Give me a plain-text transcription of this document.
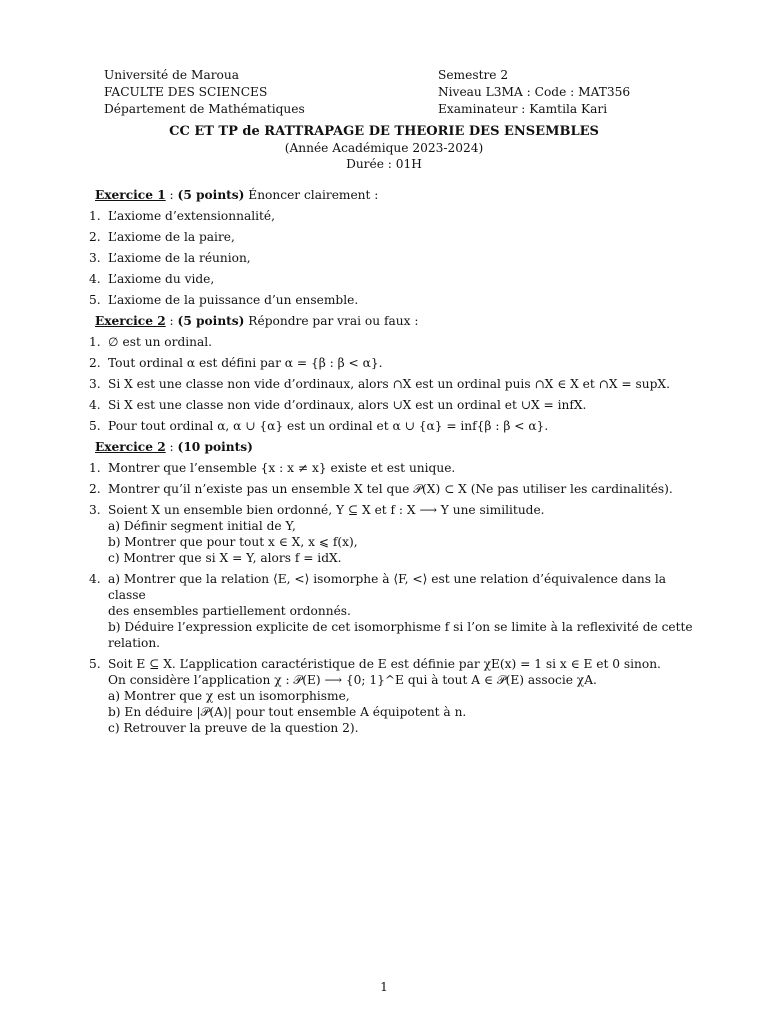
Université de Maroua
FACULTE DES SCIENCES
Département de Mathématiques
Semestre 2
Niveau L3MA : Code : MAT356
Examinateur : Kamtila Kari
CC ET TP de RATTRAPAGE DE THEORIE DES ENSEMBLES
(Année Académique 2023-2024)
Durée : 01H
Exercice 1 : (5 points) Énoncer clairement :
1. L’axiome d’extensionnalité,
2. L’axiome de la paire,
3. L’axiome de la réunion,
4. L’axiome du vide,
5. L’axiome de la puissance d’un ensemble.
Exercice 2 : (5 points) Répondre par vrai ou faux :
1. ∅ est un ordinal.
2. Tout ordinal α est défini par α = {β : β < α}.
3. Si X est une classe non vide d’ordinaux, alors ∩X est un ordinal puis ∩X ∈ X et ∩X = supX.
4. Si X est une classe non vide d’ordinaux, alors ∪X est un ordinal et ∪X = infX.
5. Pour tout ordinal α, α ∪ {α} est un ordinal et α ∪ {α} = inf{β : β < α}.
Exercice 2 : (10 points)
1. Montrer que l’ensemble {x : x ≠ x} existe et est unique.
2. Montrer qu’il n’existe pas un ensemble X tel que 𝒫(X) ⊂ X (Ne pas utiliser les cardinalités).
3. Soient X un ensemble bien ordonné, Y ⊆ X et f : X ⟶ Y une similitude.
a) Définir segment initial de Y,
b) Montrer que pour tout x ∈ X, x ⩽ f(x),
c) Montrer que si X = Y, alors f = idX.
4. a) Montrer que la relation ⟨E, <⟩ isomorphe à ⟨F, <⟩ est une relation d’équivalence dans la classe
des ensembles partiellement ordonnés.
b) Déduire l’expression explicite de cet isomorphisme f si l’on se limite à la reflexivité de cette
relation.
5. Soit E ⊆ X. L’application caractéristique de E est définie par χE(x) = 1 si x ∈ E et 0 sinon.
On considère l’application χ : 𝒫(E) ⟶ {0; 1}^E qui à tout A ∈ 𝒫(E) associe χA.
a) Montrer que χ est un isomorphisme,
b) En déduire |𝒫(A)| pour tout ensemble A équipotent à n.
c) Retrouver la preuve de la question 2).
1
